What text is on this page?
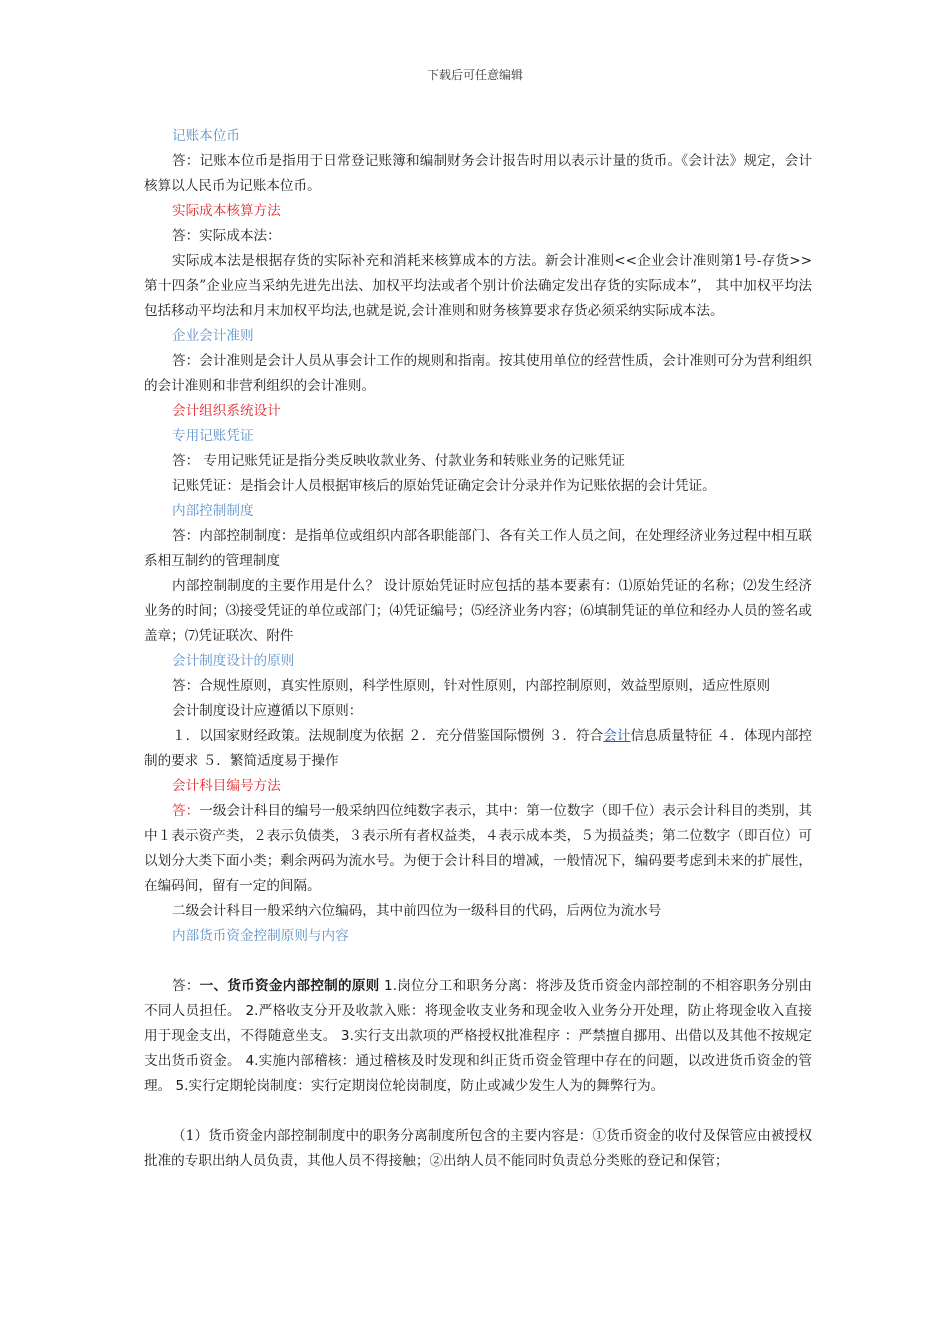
下载后可任意编辑

记账本位币

答：记账本位币是指用于日常登记账簿和编制财务会计报告时用以表示计量的货币。《会计法》规定，会计核算以人民币为记账本位币。

实际成本核算方法

答：实际成本法：

实际成本法是根据存货的实际补充和消耗来核算成本的方法。新会计准则<<企业会计准则第1号-存货>>第十四条”企业应当采纳先进先出法、加权平均法或者个别计价法确定发出存货的实际成本”， 其中加权平均法包括移动平均法和月末加权平均法,也就是说,会计准则和财务核算要求存货必须采纳实际成本法。

企业会计准则

答：会计准则是会计人员从事会计工作的规则和指南。按其使用单位的经营性质，会计准则可分为营利组织的会计准则和非营利组织的会计准则。

会计组织系统设计

专用记账凭证

答： 专用记账凭证是指分类反映收款业务、付款业务和转账业务的记账凭证

记账凭证：是指会计人员根据审核后的原始凭证确定会计分录并作为记账依据的会计凭证。

内部控制制度

答：内部控制制度：是指单位或组织内部各职能部门、各有关工作人员之间，在处理经济业务过程中相互联系相互制约的管理制度

内部控制制度的主要作用是什么？ 设计原始凭证时应包括的基本要素有：⑴原始凭证的名称；⑵发生经济业务的时间；⑶接受凭证的单位或部门；⑷凭证编号；⑸经济业务内容；⑹填制凭证的单位和经办人员的签名或盖章；⑺凭证联次、附件

会计制度设计的原则

答：合规性原则，真实性原则，科学性原则，针对性原则，内部控制原则，效益型原则，适应性原则

会计制度设计应遵循以下原则：

１．以国家财经政策。法规制度为依据 ２．充分借鉴国际惯例 ３．符合会计信息质量特征 ４．体现内部控制的要求 ５．繁简适度易于操作

会计科目编号方法

答：一级会计科目的编号一般采纳四位纯数字表示，其中：第一位数字（即千位）表示会计科目的类别，其中１表示资产类，２表示负债类，３表示所有者权益类，４表示成本类，５为损益类；第二位数字（即百位）可以划分大类下面小类；剩余两码为流水号。为便于会计科目的增减，一般情况下，编码要考虑到未来的扩展性，在编码间，留有一定的间隔。

二级会计科目一般采纳六位编码，其中前四位为一级科目的代码，后两位为流水号

内部货币资金控制原则与内容

答：一、货币资金内部控制的原则 1.岗位分工和职务分离：将涉及货币资金内部控制的不相容职务分别由不同人员担任。 2.严格收支分开及收款入账：将现金收支业务和现金收入业务分开处理，防止将现金收入直接用于现金支出，不得随意坐支。 3.实行支出款项的严格授权批准程序 ：严禁擅自挪用、出借以及其他不按规定支出货币资金。 4.实施内部稽核：通过稽核及时发现和纠正货币资金管理中存在的问题，以改进货币资金的管理。 5.实行定期轮岗制度：实行定期岗位轮岗制度，防止或减少发生人为的舞弊行为。

（1）货币资金内部控制制度中的职务分离制度所包含的主要内容是：①货币资金的收付及保管应由被授权批准的专职出纳人员负责，其他人员不得接触；②出纳人员不能同时负责总分类账的登记和保管；
